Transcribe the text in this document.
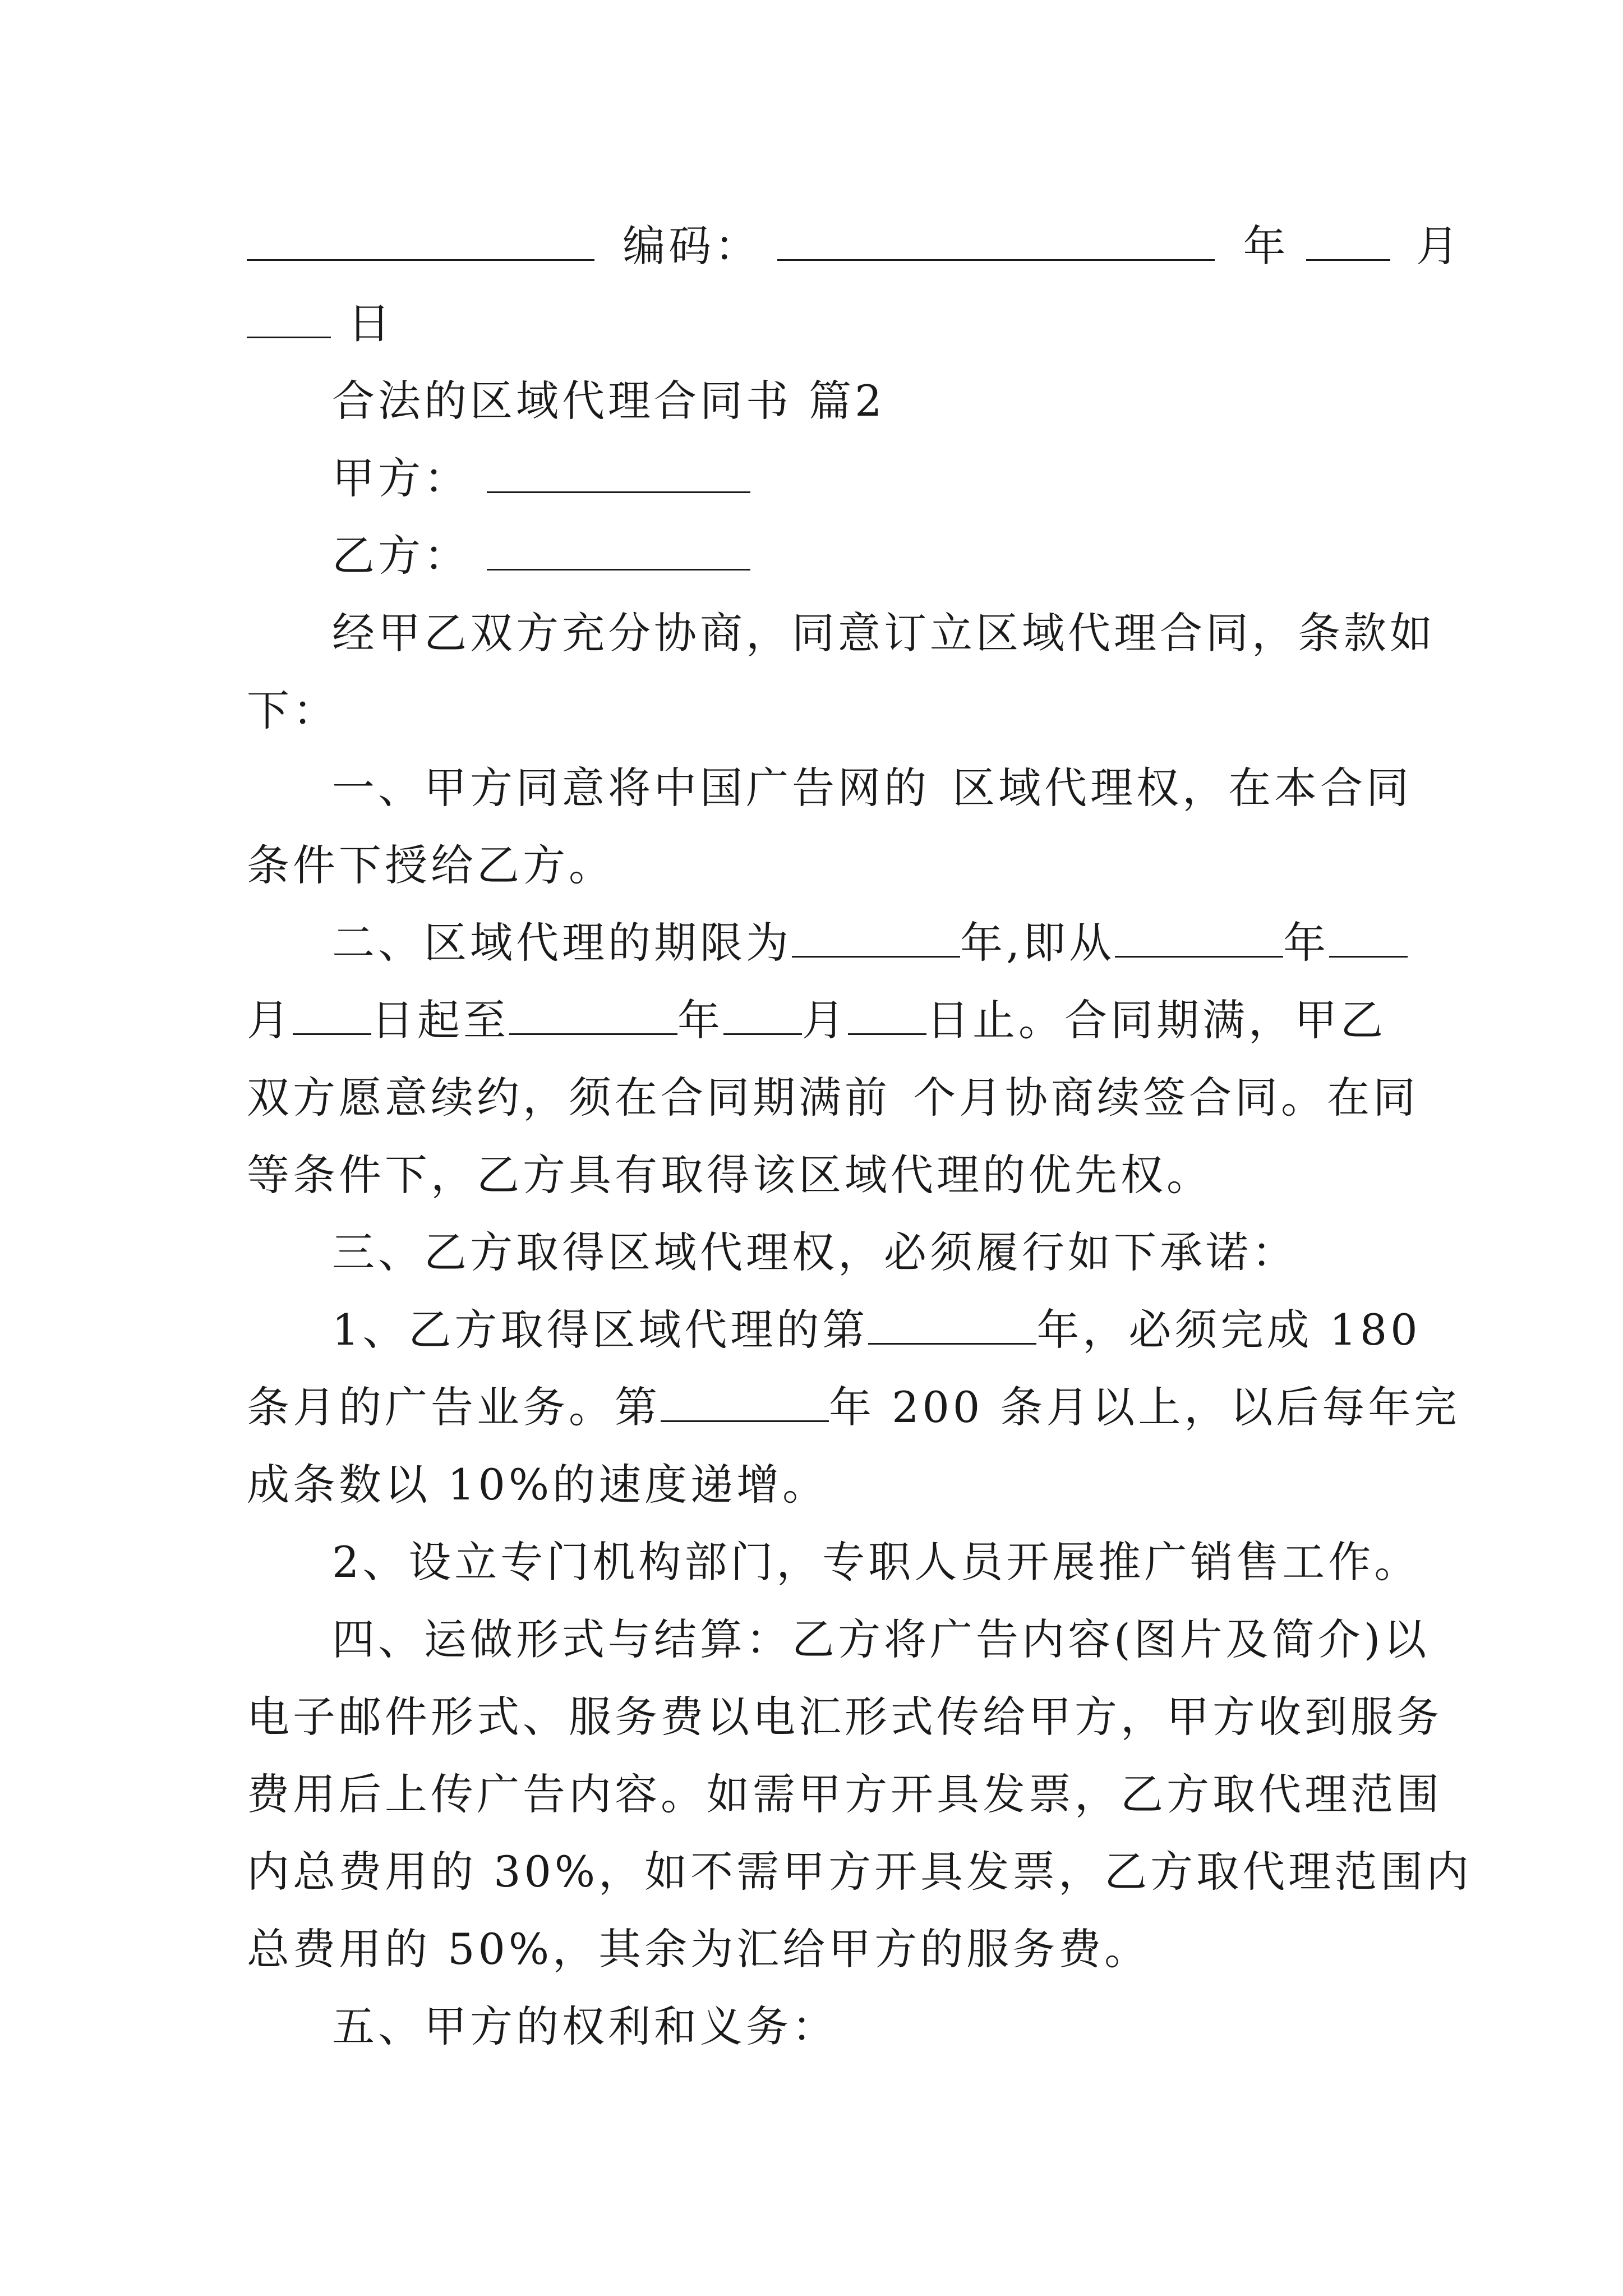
编码：	年	月
日
合法的区域代理合同书 篇2
甲方：
乙方：
经甲乙双方充分协商，同意订立区域代理合同，条款如
下：
一、甲方同意将中国广告网的 区域代理权，在本合同
条件下授给乙方。
二、区域代理的期限为	年,即从	年
月 日起至	年 月 日止。合同期满，甲乙
双方愿意续约，须在合同期满前 个月协商续签合同。在同
等条件下，乙方具有取得该区域代理的优先权。
三、乙方取得区域代理权，必须履行如下承诺：
1、乙方取得区域代理的第	年，必须完成 180
条月的广告业务。第	年 200 条月以上，以后每年完
成条数以 10%的速度递增。
2、设立专门机构部门，专职人员开展推广销售工作。
四、运做形式与结算：乙方将广告内容(图片及简介)以
电子邮件形式、服务费以电汇形式传给甲方，甲方收到服务
费用后上传广告内容。如需甲方开具发票，乙方取代理范围
内总费用的 30%，如不需甲方开具发票，乙方取代理范围内
总费用的 50%，其余为汇给甲方的服务费。
五、甲方的权利和义务：
